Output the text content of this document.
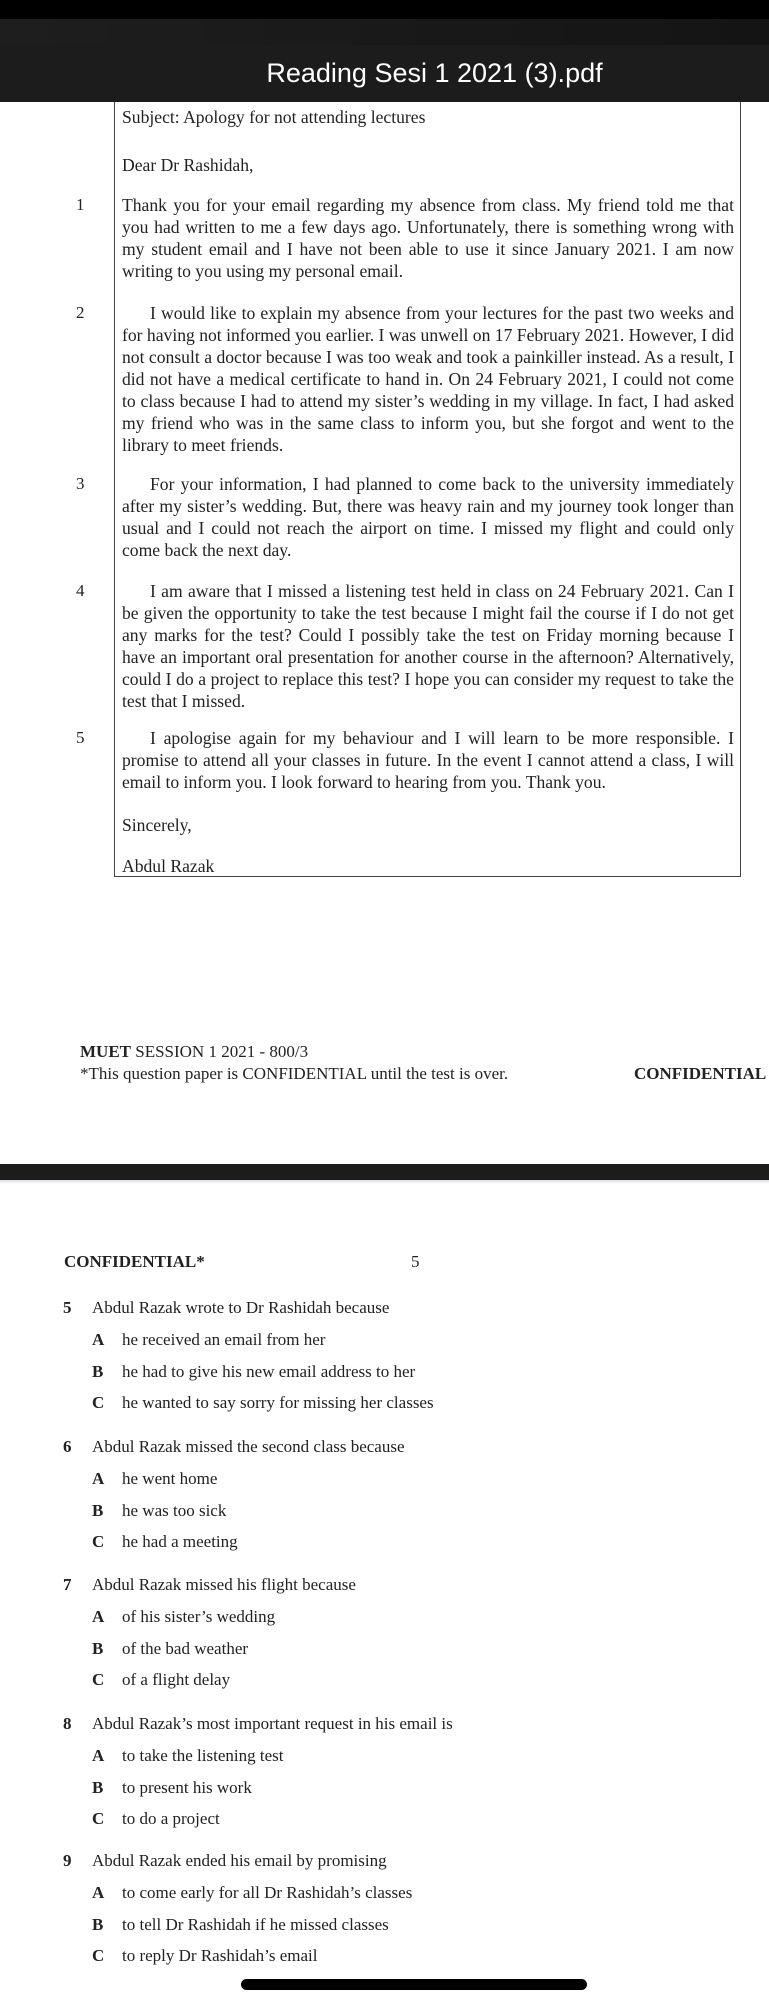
Reading Sesi 1 2021 (3).pdf
Subject: Apology for not attending lectures
Dear Dr Rashidah,
1 Thank you for your email regarding my absence from class. My friend told me that you had written to me a few days ago. Unfortunately, there is something wrong with my student email and I have not been able to use it since January 2021. I am now writing to you using my personal email.
2	I would like to explain my absence from your lectures for the past two weeks and for having not informed you earlier. I was unwell on 17 February 2021. However, I did not consult a doctor because I was too weak and took a painkiller instead. As a result, I did not have a medical certificate to hand in. On 24 February 2021, I could not come to class because I had to attend my sister’s wedding in my village. In fact, I had asked my friend who was in the same class to inform you, but she forgot and went to the library to meet friends.
3	For your information, I had planned to come back to the university immediately after my sister’s wedding. But, there was heavy rain and my journey took longer than usual and I could not reach the airport on time. I missed my flight and could only come back the next day.
4	I am aware that I missed a listening test held in class on 24 February 2021. Can I be given the opportunity to take the test because I might fail the course if I do not get any marks for the test? Could I possibly take the test on Friday morning because I have an important oral presentation for another course in the afternoon? Alternatively, could I do a project to replace this test? I hope you can consider my request to take the test that I missed.
5	I apologise again for my behaviour and I will learn to be more responsible. I promise to attend all your classes in future. In the event I cannot attend a class, I will email to inform you. I look forward to hearing from you. Thank you.
Sincerely,
Abdul Razak
MUET SESSION 1 2021 - 800/3
*This question paper is CONFIDENTIAL until the test is over.	CONFIDENTIAL
CONFIDENTIAL*	5
5 Abdul Razak wrote to Dr Rashidah because
A he received an email from her
B he had to give his new email address to her
C he wanted to say sorry for missing her classes
6 Abdul Razak missed the second class because
A he went home
B he was too sick
C he had a meeting
7 Abdul Razak missed his flight because
A of his sister’s wedding
B of the bad weather
C of a flight delay
8 Abdul Razak’s most important request in his email is
A to take the listening test
B to present his work
C to do a project
9 Abdul Razak ended his email by promising
A to come early for all Dr Rashidah’s classes
B to tell Dr Rashidah if he missed classes
C to reply Dr Rashidah’s email
